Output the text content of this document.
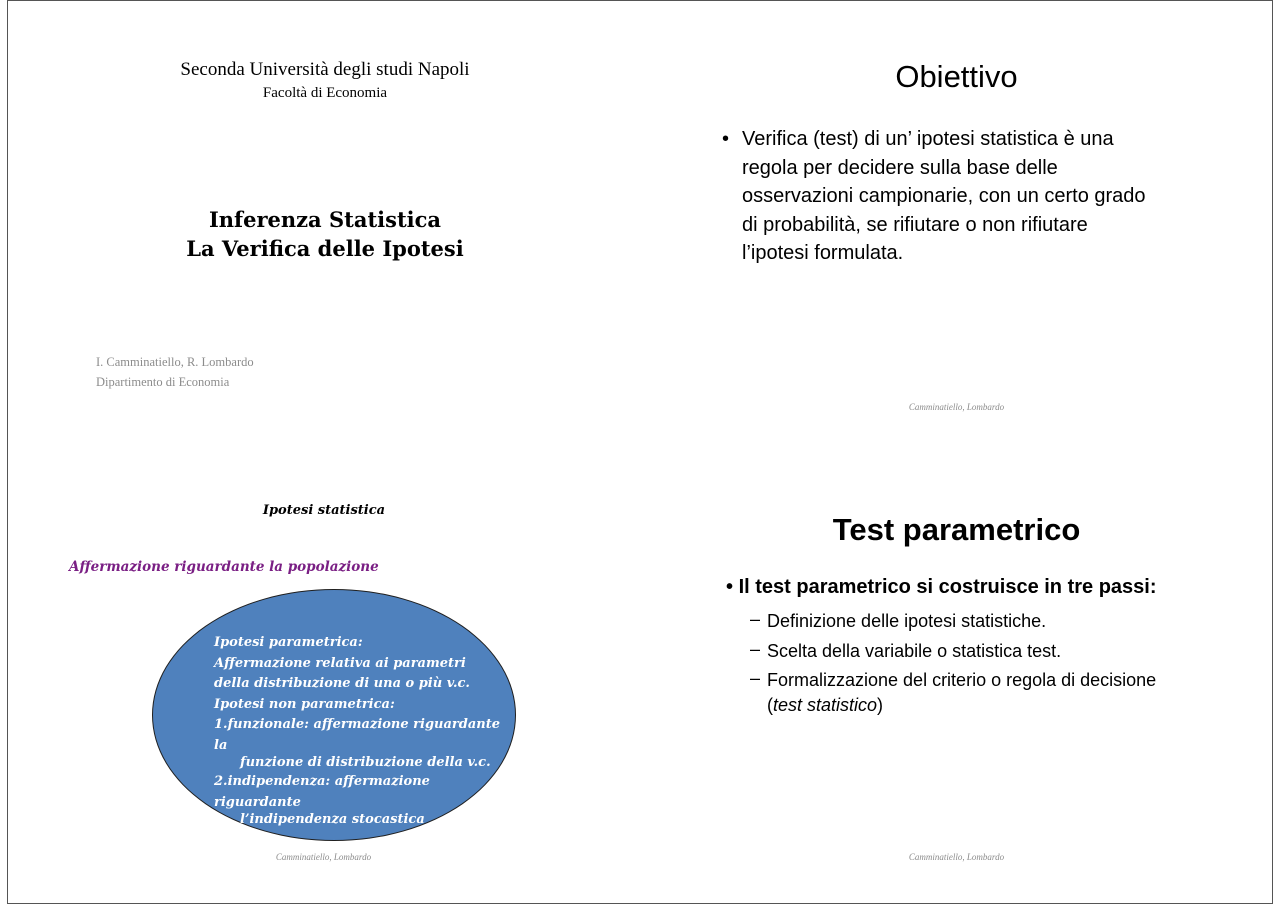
Seconda Università degli studi Napoli
Facoltà di Economia
Inferenza Statistica
La Verifica delle Ipotesi
I. Camminatiello, R. Lombardo
Dipartimento di Economia
Obiettivo
• Verifica (test) di un’ ipotesi statistica è una
regola per decidere sulla base delle
osservazioni campionarie, con un certo grado
di probabilità, se rifiutare o non rifiutare
l’ipotesi formulata.
Camminatiello, Lombardo
Ipotesi statistica
Affermazione riguardante la popolazione
Ipotesi parametrica:
Affermazione relativa ai parametri
della distribuzione di una o più v.c.
Ipotesi non parametrica:
1.funzionale: affermazione riguardante la
funzione di distribuzione della v.c.
2.indipendenza: affermazione riguardante
l’indipendenza stocastica
Camminatiello, Lombardo
Test parametrico
• Il test parametrico si costruisce in tre passi:
– Definizione delle ipotesi statistiche.
– Scelta della variabile o statistica test.
– Formalizzazione del criterio o regola di decisione
(test statistico)
Camminatiello, Lombardo
